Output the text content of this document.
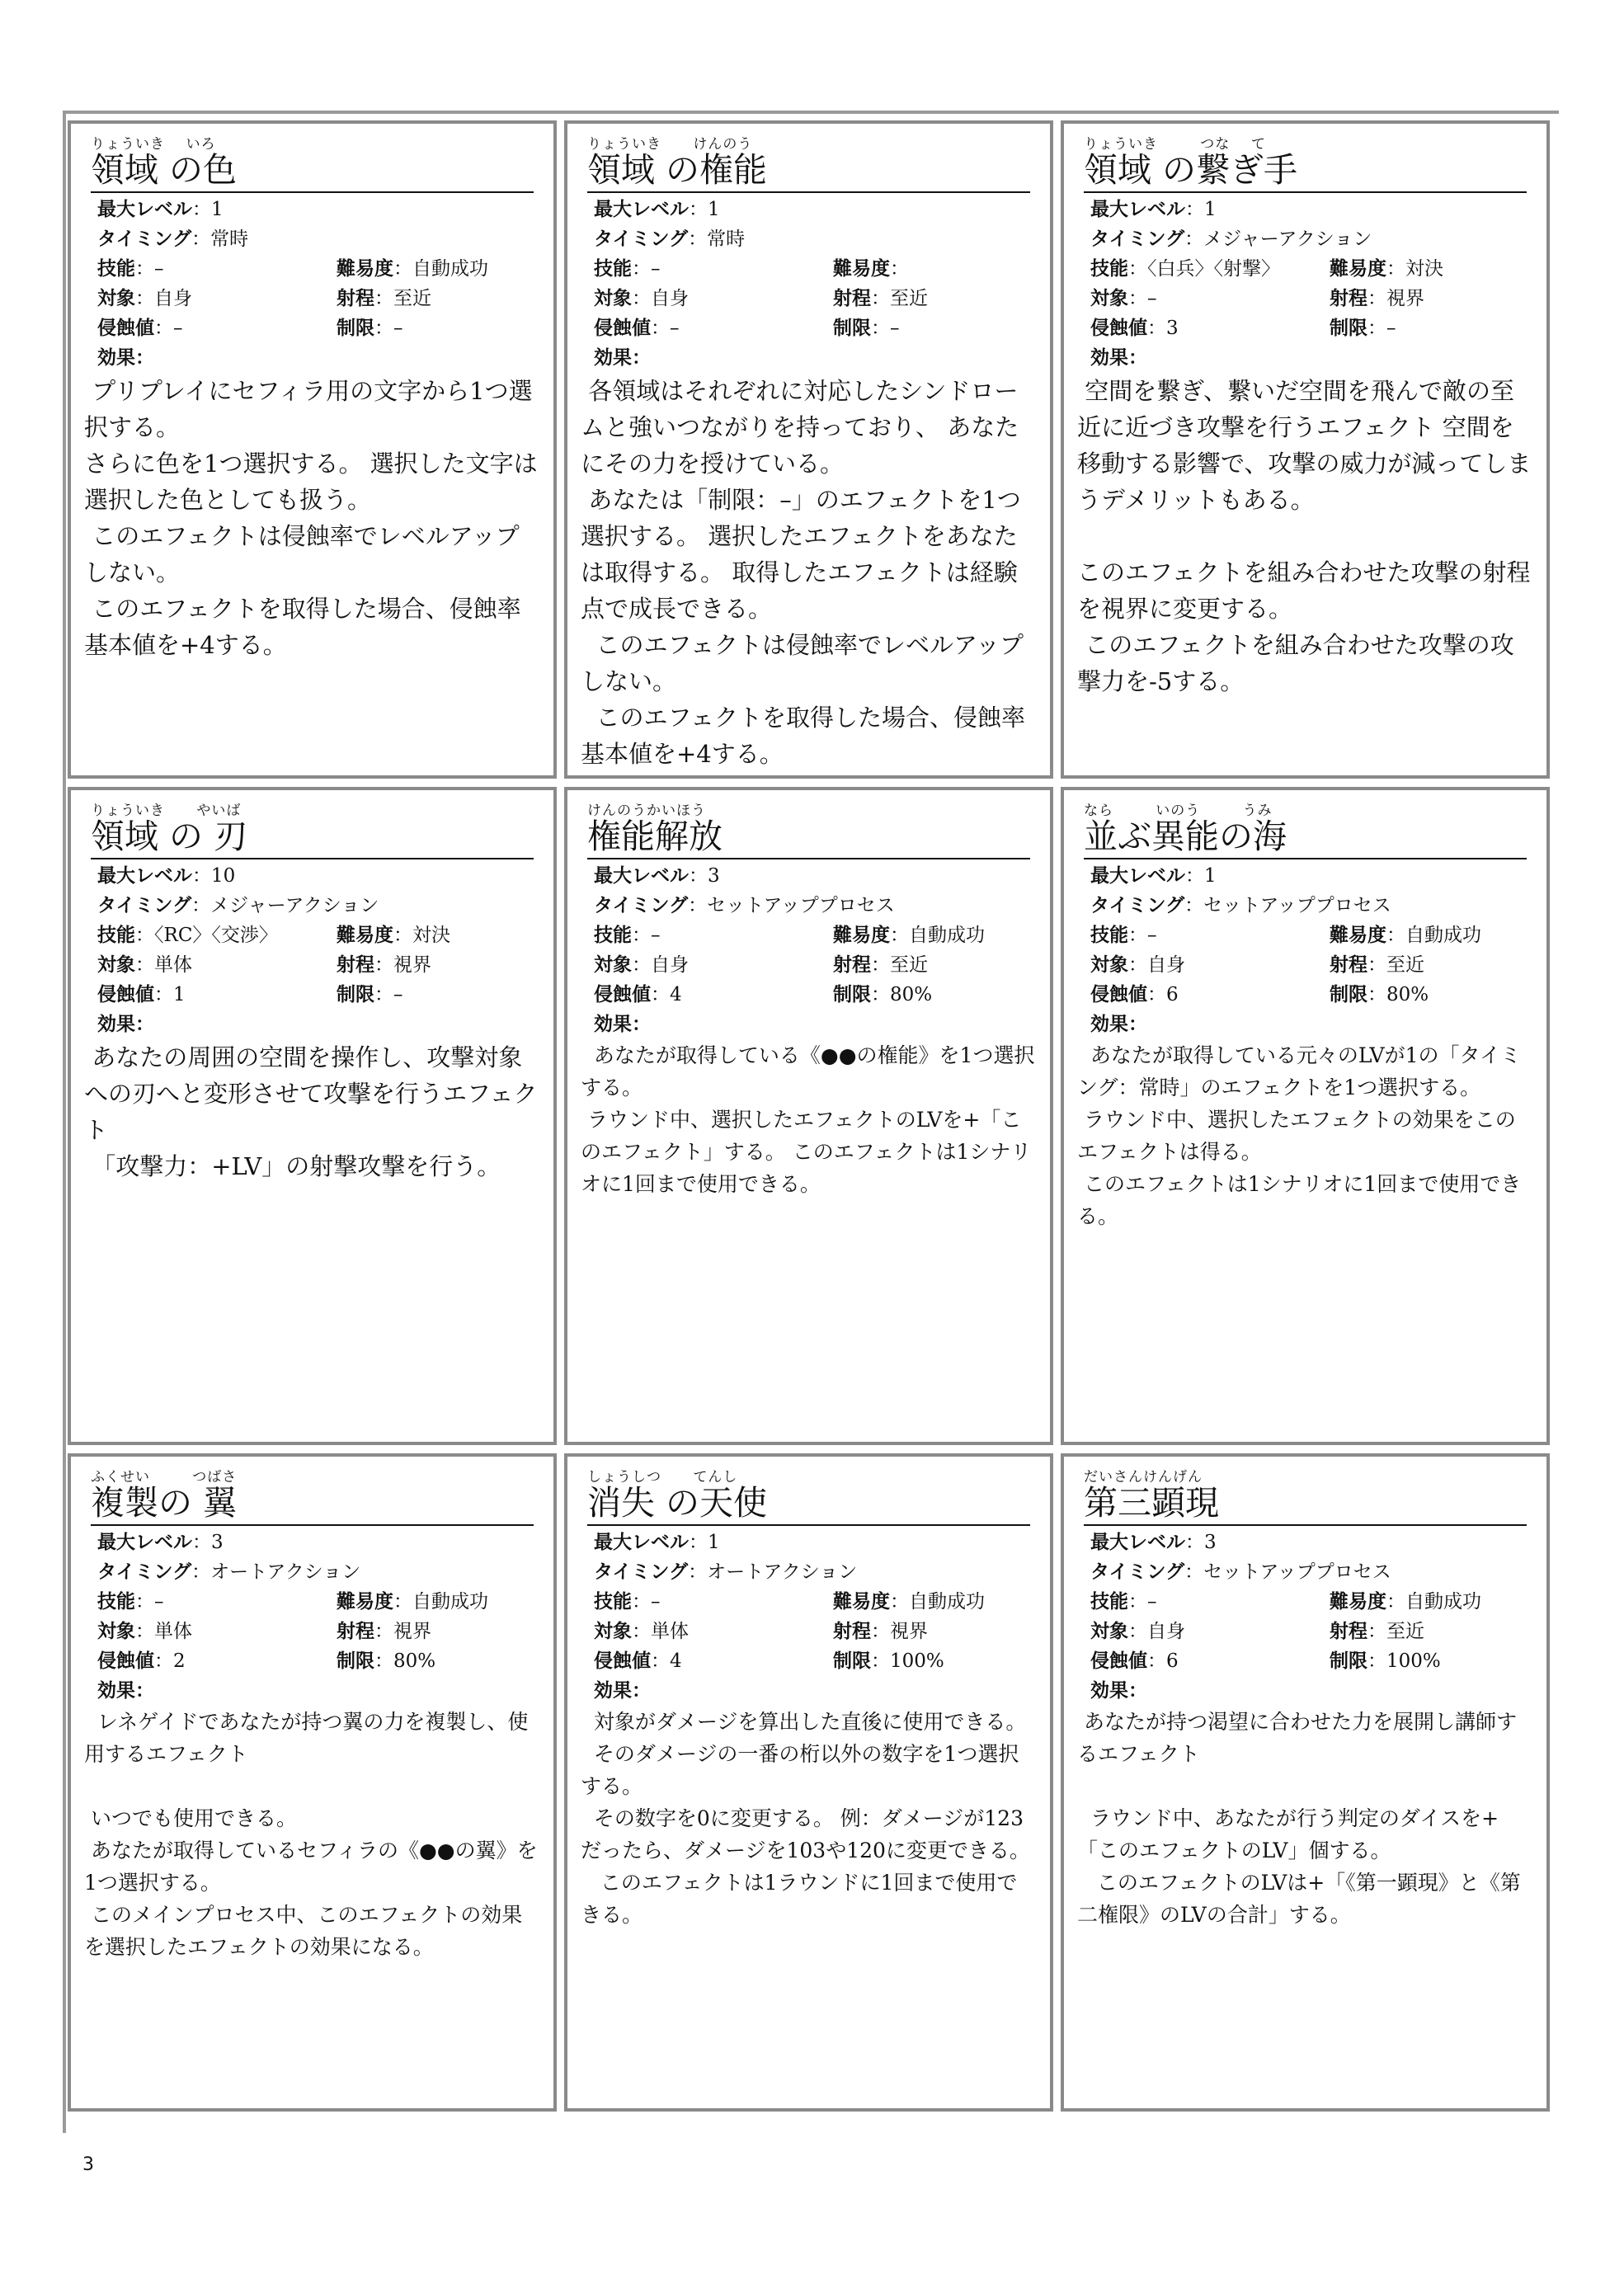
りょういき    いろ
領域 の色
最大レベル：1
タイミング：常時
技能：–	難易度：自動成功
対象：自身	射程：至近
侵蝕値：–	制限：–
効果：
プリプレイにセフィラ用の文字から1つ選択する。
さらに色を1つ選択する。 選択した文字は選択した色としても扱う。
このエフェクトは侵蝕率でレベルアップしない。
このエフェクトを取得した場合、侵蝕率基本値を+4する。
りょういき      けんのう
領域 の権能
最大レベル：1
タイミング：常時
技能：–	難易度：
対象：自身	射程：至近
侵蝕値：–	制限：–
効果：
各領域はそれぞれに対応したシンドロームと強いつながりを持っており、 あなたにその力を授けている。
あなたは「制限：–」のエフェクトを1つ選択する。 選択したエフェクトをあなたは取得する。 取得したエフェクトは経験点で成長できる。
このエフェクトは侵蝕率でレベルアップしない。
このエフェクトを取得した場合、侵蝕率基本値を+4する。
りょういき        つな    て
領域 の繋ぎ手
最大レベル：1
タイミング：メジャーアクション
技能：〈白兵〉〈射撃〉	難易度：対決
対象：–	射程：視界
侵蝕値：3	制限：–
効果：
空間を繋ぎ、繋いだ空間を飛んで敵の至近に近づき攻撃を行うエフェクト 空間を移動する影響で、攻撃の威力が減ってしまうデメリットもある。

このエフェクトを組み合わせた攻撃の射程を視界に変更する。
このエフェクトを組み合わせた攻撃の攻撃力を-5する。
りょういき      やいば
領域 の 刃
最大レベル：10
タイミング：メジャーアクション
技能：〈RC〉〈交渉〉	難易度：対決
対象：単体	射程：視界
侵蝕値：1	制限：–
効果：
あなたの周囲の空間を操作し、攻撃対象への刃へと変形させて攻撃を行うエフェクト
「攻撃力：+LV」の射撃攻撃を行う。
けんのうかいほう
権能解放
最大レベル：3
タイミング：セットアッププロセス
技能：–	難易度：自動成功
対象：自身	射程：至近
侵蝕値：4	制限：80%
効果：
あなたが取得している《●●の権能》を1つ選択する。
ラウンド中、選択したエフェクトのLVを+「このエフェクト」する。 このエフェクトは1シナリオに1回まで使用できる。
なら        いのう        うみ
並ぶ異能の海
最大レベル：1
タイミング：セットアッププロセス
技能：–	難易度：自動成功
対象：自身	射程：至近
侵蝕値：6	制限：80%
効果：
あなたが取得している元々のLVが1の「タイミング：常時」のエフェクトを1つ選択する。
ラウンド中、選択したエフェクトの効果をこのエフェクトは得る。
このエフェクトは1シナリオに1回まで使用できる。
ふくせい        つばさ
複製の 翼
最大レベル：3
タイミング：オートアクション
技能：–	難易度：自動成功
対象：単体	射程：視界
侵蝕値：2	制限：80%
効果：
レネゲイドであなたが持つ翼の力を複製し、使用するエフェクト

いつでも使用できる。
あなたが取得しているセフィラの《●●の翼》を1つ選択する。
このメインプロセス中、このエフェクトの効果を選択したエフェクトの効果になる。
しょうしつ      てんし
消失 の天使
最大レベル：1
タイミング：オートアクション
技能：–	難易度：自動成功
対象：単体	射程：視界
侵蝕値：4	制限：100%
効果：
対象がダメージを算出した直後に使用できる。
そのダメージの一番の桁以外の数字を1つ選択する。
その数字を0に変更する。 例：ダメージが123だったら、ダメージを103や120に変更できる。
このエフェクトは1ラウンドに1回まで使用できる。
だいさんけんげん
第三顕現
最大レベル：3
タイミング：セットアッププロセス
技能：–	難易度：自動成功
対象：自身	射程：至近
侵蝕値：6	制限：100%
効果：
あなたが持つ渇望に合わせた力を展開し講師するエフェクト

ラウンド中、あなたが行う判定のダイスを+「このエフェクトのLV」個する。
このエフェクトのLVは+「《第一顕現》と《第二権限》のLVの合計」する。
3
